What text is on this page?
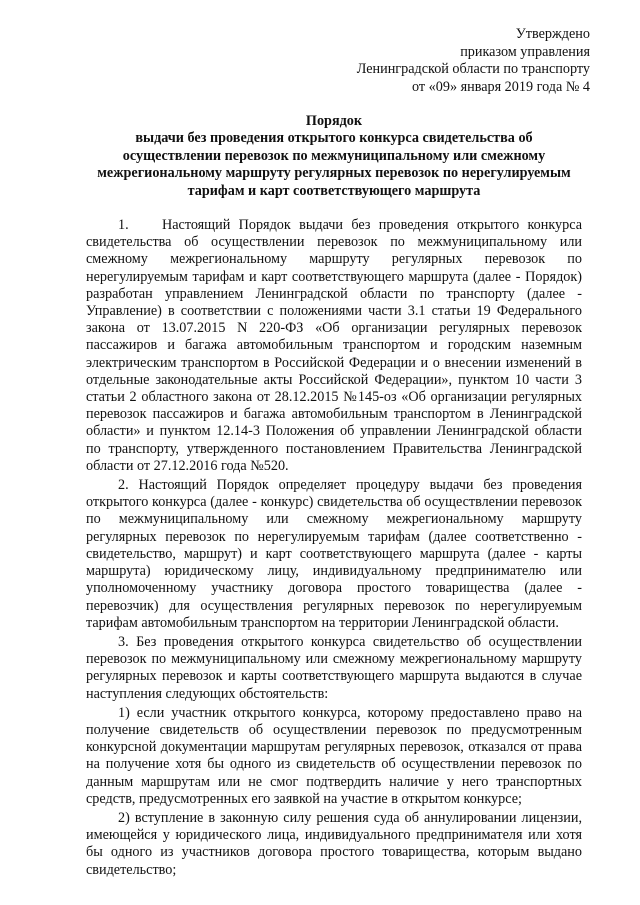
Утверждено
приказом управления
Ленинградской области по транспорту
от «09» января 2019 года № 4
Порядок
выдачи без проведения открытого конкурса свидетельства об
осуществлении перевозок по межмуниципальному или смежному
межрегиональному маршруту регулярных перевозок по нерегулируемым
тарифам и карт соответствующего маршрута

1.    Настоящий Порядок выдачи без проведения открытого конкурса свидетельства об осуществлении перевозок по межмуниципальному или смежному межрегиональному маршруту регулярных перевозок по нерегулируемым тарифам и карт соответствующего маршрута (далее - Порядок) разработан управлением Ленинградской области по транспорту (далее - Управление) в соответствии с положениями части 3.1 статьи 19 Федерального закона от 13.07.2015 N 220-ФЗ «Об организации регулярных перевозок пассажиров и багажа автомобильным транспортом и городским наземным электрическим транспортом в Российской Федерации и о внесении изменений в отдельные законодательные акты Российской Федерации», пунктом 10 части 3 статьи 2 областного закона от 28.12.2015 №145-оз «Об организации регулярных перевозок пассажиров и багажа автомобильным транспортом в Ленинградской области» и пунктом 12.14-3 Положения об управлении Ленинградской области по транспорту, утвержденного постановлением Правительства Ленинградской области от 27.12.2016 года №520.

2. Настоящий Порядок определяет процедуру выдачи без проведения открытого конкурса (далее - конкурс) свидетельства об осуществлении перевозок по межмуниципальному или смежному межрегиональному маршруту регулярных перевозок по нерегулируемым тарифам (далее соответственно - свидетельство, маршрут) и карт соответствующего маршрута (далее - карты маршрута) юридическому лицу, индивидуальному предпринимателю или уполномоченному участнику договора простого товарищества (далее - перевозчик) для осуществления регулярных перевозок по нерегулируемым тарифам автомобильным транспортом на территории Ленинградской области.

3. Без проведения открытого конкурса свидетельство об осуществлении перевозок по межмуниципальному или смежному межрегиональному маршруту регулярных перевозок и карты соответствующего маршрута выдаются в случае наступления следующих обстоятельств:

1) если участник открытого конкурса, которому предоставлено право на получение свидетельств об осуществлении перевозок по предусмотренным конкурсной документации маршрутам регулярных перевозок, отказался от права на получение хотя бы одного из свидетельств об осуществлении перевозок по данным маршрутам или не смог подтвердить наличие у него транспортных средств, предусмотренных его заявкой на участие в открытом конкурсе;

2) вступление в законную силу решения суда об аннулировании лицензии, имеющейся у юридического лица, индивидуального предпринимателя или хотя бы одного из участников договора простого товарищества, которым выдано свидетельство;
